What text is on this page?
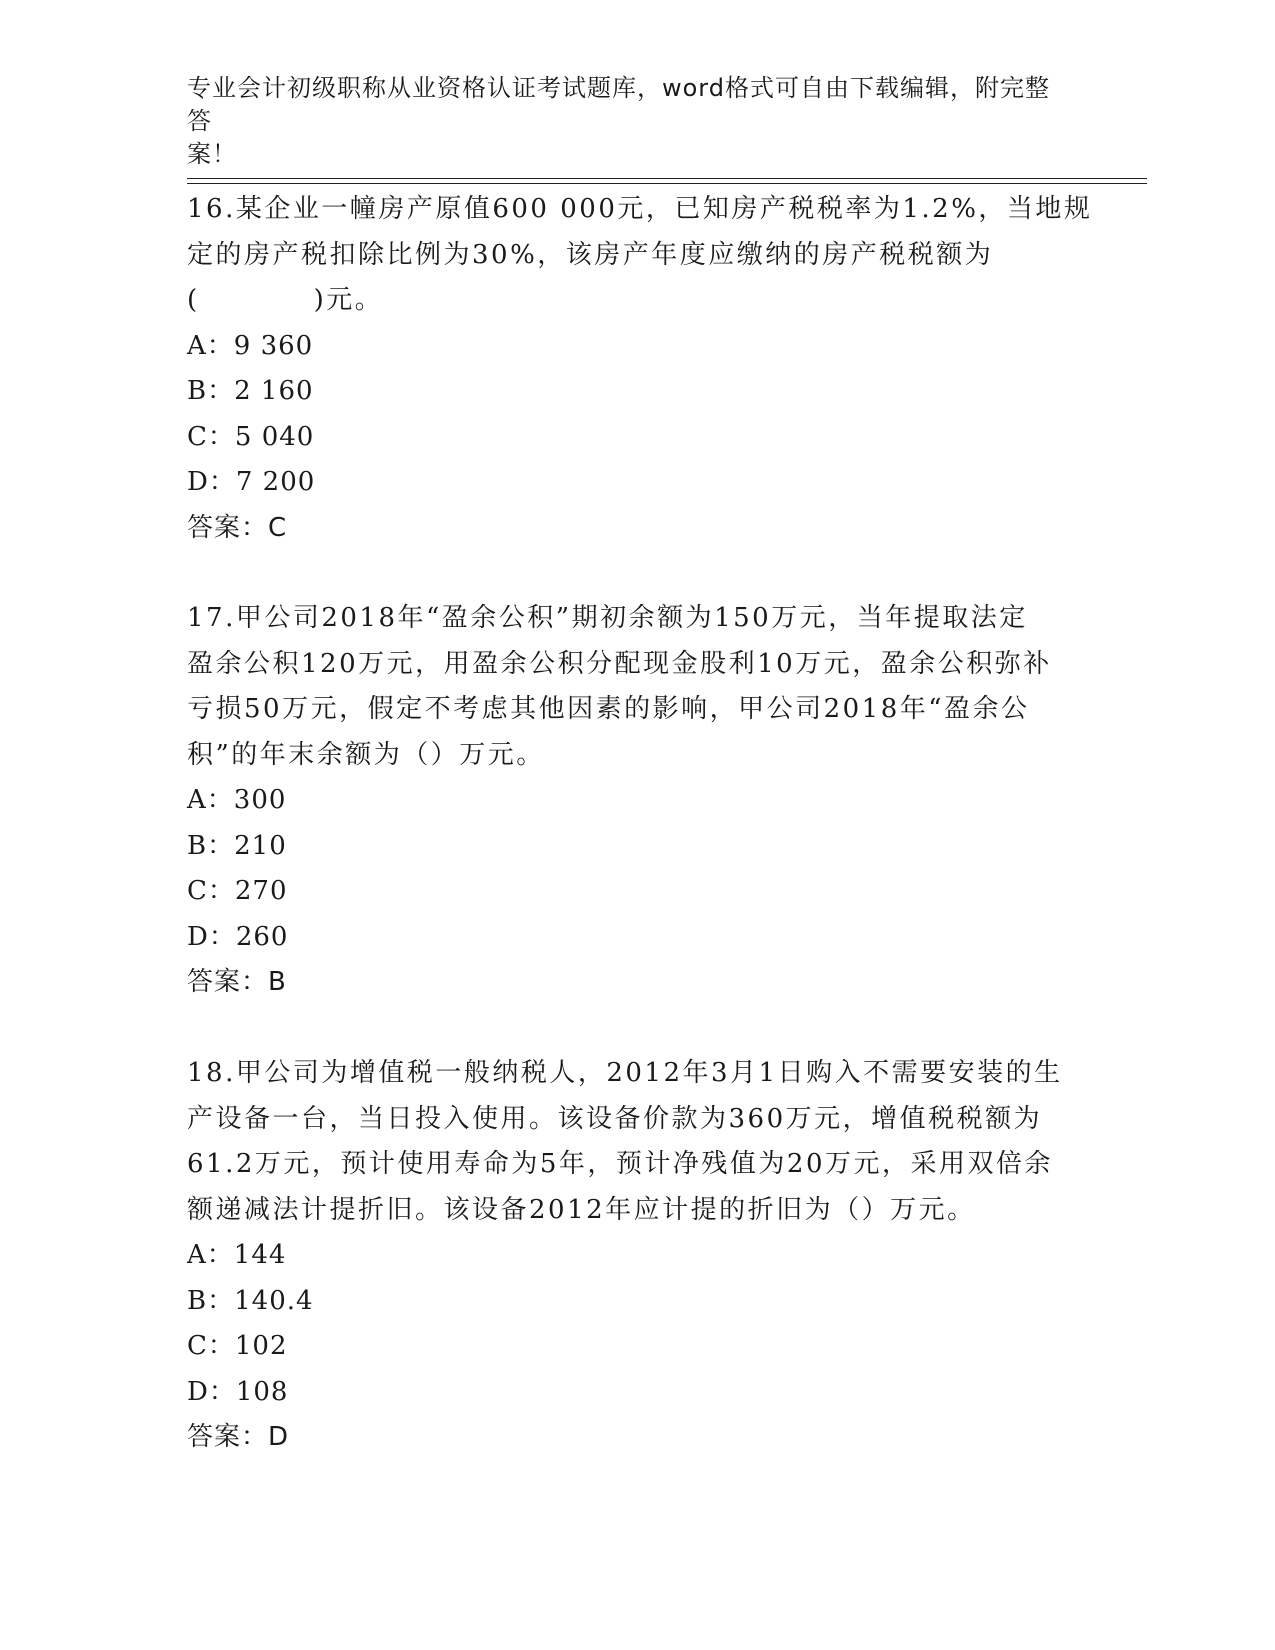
专业会计初级职称从业资格认证考试题库，word格式可自由下载编辑，附完整答
案！

16.某企业一幢房产原值600 000元，已知房产税税率为1.2%，当地规
定的房产税扣除比例为30%，该房产年度应缴纳的房产税税额为
(　　　　)元。

A：9 360
B：2 160
C：5 040
D：7 200
答案：C

17.甲公司2018年“盈余公积”期初余额为150万元，当年提取法定
盈余公积120万元，用盈余公积分配现金股利10万元，盈余公积弥补
亏损50万元，假定不考虑其他因素的影响，甲公司2018年“盈余公
积”的年末余额为（）万元。

A：300
B：210
C：270
D：260
答案：B

18.甲公司为增值税一般纳税人，2012年3月1日购入不需要安装的生
产设备一台，当日投入使用。该设备价款为360万元，增值税税额为
61.2万元，预计使用寿命为5年，预计净残值为20万元，采用双倍余
额递减法计提折旧。该设备2012年应计提的折旧为（）万元。

A：144
B：140.4
C：102
D：108
答案：D
